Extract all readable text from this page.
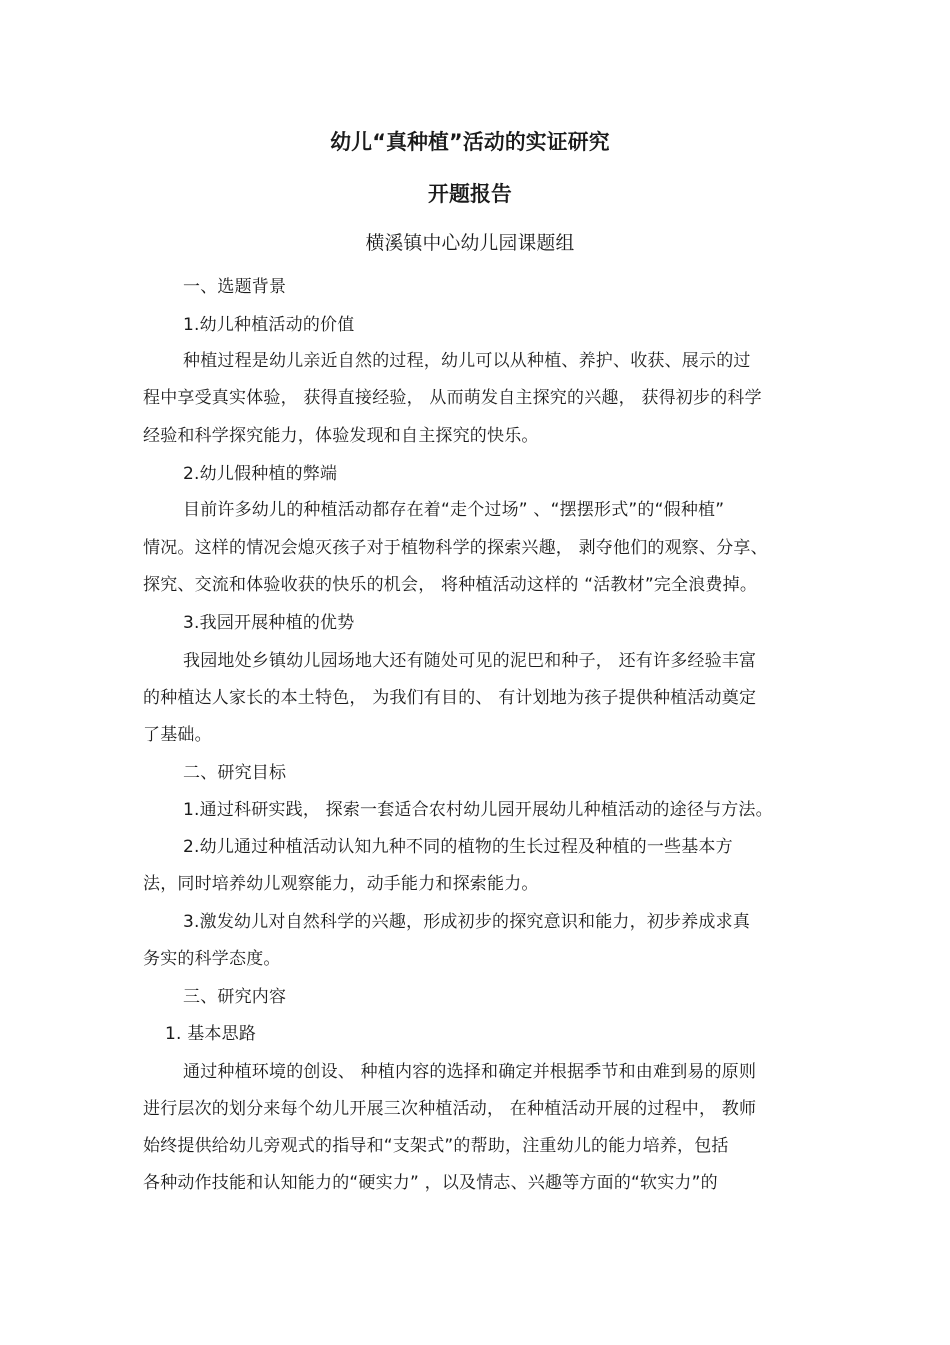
幼儿“真种植”活动的实证研究
开题报告
横溪镇中心幼儿园课题组

一、选题背景

1.幼儿种植活动的价值

种植过程是幼儿亲近自然的过程，幼儿可以从种植、养护、收获、展示的过

程中享受真实体验， 获得直接经验， 从而萌发自主探究的兴趣， 获得初步的科学

经验和科学探究能力，体验发现和自主探究的快乐。

2.幼儿假种植的弊端

目前许多幼儿的种植活动都存在着“走个过场” 、“摆摆形式”的“假种植”

情况。这样的情况会熄灭孩子对于植物科学的探索兴趣， 剥夺他们的观察、分享、

探究、交流和体验收获的快乐的机会， 将种植活动这样的 “活教材”完全浪费掉。

3.我园开展种植的优势

我园地处乡镇幼儿园场地大还有随处可见的泥巴和种子， 还有许多经验丰富

的种植达人家长的本土特色， 为我们有目的、 有计划地为孩子提供种植活动奠定

了基础。

二、研究目标

1.通过科研实践， 探索一套适合农村幼儿园开展幼儿种植活动的途径与方法。

2.幼儿通过种植活动认知九种不同的植物的生长过程及种植的一些基本方

法，同时培养幼儿观察能力，动手能力和探索能力。

3.激发幼儿对自然科学的兴趣，形成初步的探究意识和能力，初步养成求真

务实的科学态度。

三、研究内容

1. 基本思路

通过种植环境的创设、 种植内容的选择和确定并根据季节和由难到易的原则

进行层次的划分来每个幼儿开展三次种植活动， 在种植活动开展的过程中， 教师

始终提供给幼儿旁观式的指导和“支架式”的帮助，注重幼儿的能力培养，包括

各种动作技能和认知能力的“硬实力” ，以及情志、兴趣等方面的“软实力”的
